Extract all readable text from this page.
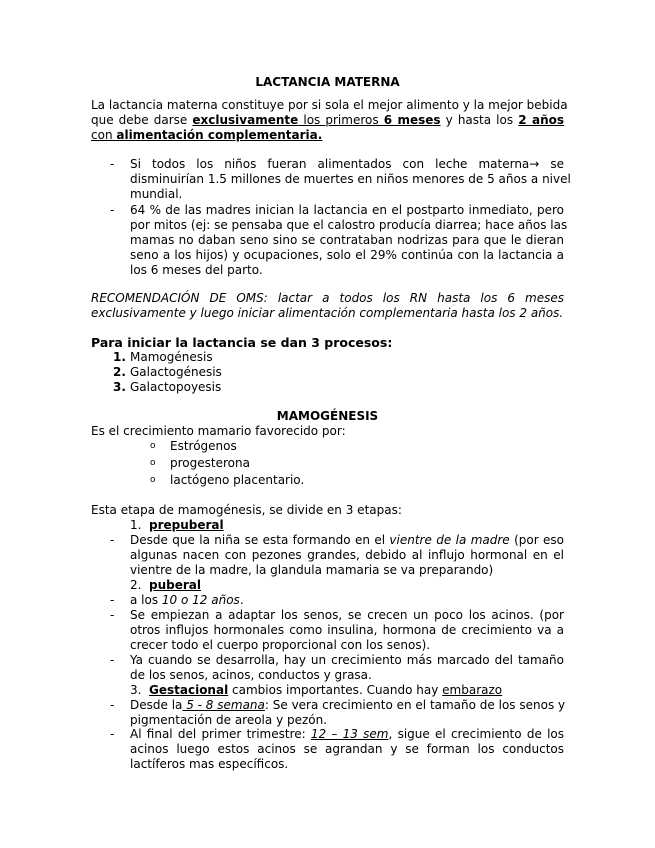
LACTANCIA MATERNA
La lactancia materna constituye por si sola el mejor alimento y la mejor bebida
que debe darse exclusivamente los primeros 6 meses y hasta los 2 años
con alimentación complementaria.
-	Si todos los niños fueran alimentados con leche materna→ se
disminuirían 1.5 millones de muertes en niños menores de 5 años a nivel
mundial.
-	64 % de las madres inician la lactancia en el postparto inmediato, pero
por mitos (ej: se pensaba que el calostro producía diarrea; hace años las
mamas no daban seno sino se contrataban nodrizas para que le dieran
seno a los hijos) y ocupaciones, solo el 29% continúa con la lactancia a
los 6 meses del parto.
RECOMENDACIÓN DE OMS: lactar a todos los RN hasta los 6 meses
exclusivamente y luego iniciar alimentación complementaria hasta los 2 años.
Para iniciar la lactancia se dan 3 procesos:
1. Mamogénesis
2. Galactogénesis
3. Galactopoyesis
MAMOGÉNESIS
Es el crecimiento mamario favorecido por:
o Estrógenos
o progesterona
o lactógeno placentario.
Esta etapa de mamogénesis, se divide en 3 etapas:
1. prepuberal
-	Desde que la niña se esta formando en el vientre de la madre (por eso
algunas nacen con pezones grandes, debido al influjo hormonal en el
vientre de la madre, la glandula mamaria se va preparando)
2. puberal
-	a los 10 o 12 años.
-	Se empiezan a adaptar los senos, se crecen un poco los acinos. (por
otros influjos hormonales como insulina, hormona de crecimiento va a
crecer todo el cuerpo proporcional con los senos).
-	Ya cuando se desarrolla, hay un crecimiento más marcado del tamaño
de los senos, acinos, conductos y grasa.
3. Gestacional cambios importantes. Cuando hay embarazo
-	Desde la 5 - 8 semana: Se vera crecimiento en el tamaño de los senos y
pigmentación de areola y pezón.
-	Al final del primer trimestre: 12 – 13 sem, sigue el crecimiento de los
acinos luego estos acinos se agrandan y se forman los conductos
lactíferos mas específicos.
